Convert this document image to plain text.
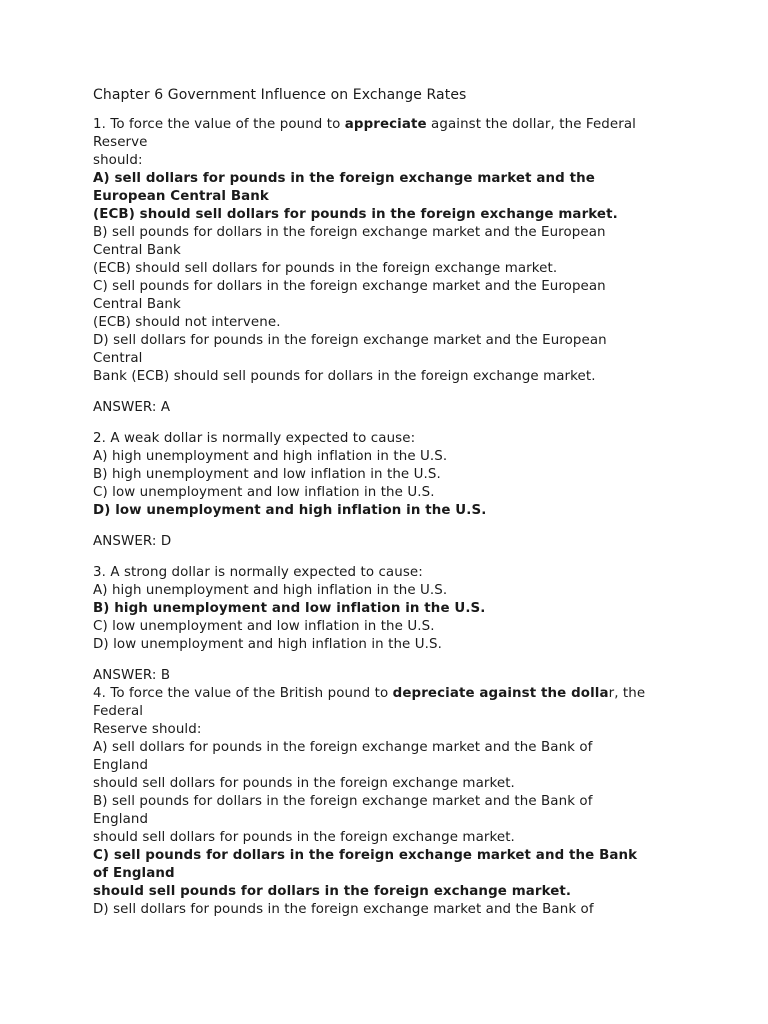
Chapter 6 Government Influence on Exchange Rates
1. To force the value of the pound to appreciate against the dollar, the Federal
Reserve
should:
A) sell dollars for pounds in the foreign exchange market and the
European Central Bank
(ECB) should sell dollars for pounds in the foreign exchange market.
B) sell pounds for dollars in the foreign exchange market and the European
Central Bank
(ECB) should sell dollars for pounds in the foreign exchange market.
C) sell pounds for dollars in the foreign exchange market and the European
Central Bank
(ECB) should not intervene.
D) sell dollars for pounds in the foreign exchange market and the European
Central
Bank (ECB) should sell pounds for dollars in the foreign exchange market.
ANSWER: A
2. A weak dollar is normally expected to cause:
A) high unemployment and high inflation in the U.S.
B) high unemployment and low inflation in the U.S.
C) low unemployment and low inflation in the U.S.
D) low unemployment and high inflation in the U.S.
ANSWER: D
3. A strong dollar is normally expected to cause:
A) high unemployment and high inflation in the U.S.
B) high unemployment and low inflation in the U.S.
C) low unemployment and low inflation in the U.S.
D) low unemployment and high inflation in the U.S.
ANSWER: B
4. To force the value of the British pound to depreciate against the dollar, the
Federal
Reserve should:
A) sell dollars for pounds in the foreign exchange market and the Bank of
England
should sell dollars for pounds in the foreign exchange market.
B) sell pounds for dollars in the foreign exchange market and the Bank of
England
should sell dollars for pounds in the foreign exchange market.
C) sell pounds for dollars in the foreign exchange market and the Bank
of England
should sell pounds for dollars in the foreign exchange market.
D) sell dollars for pounds in the foreign exchange market and the Bank of
